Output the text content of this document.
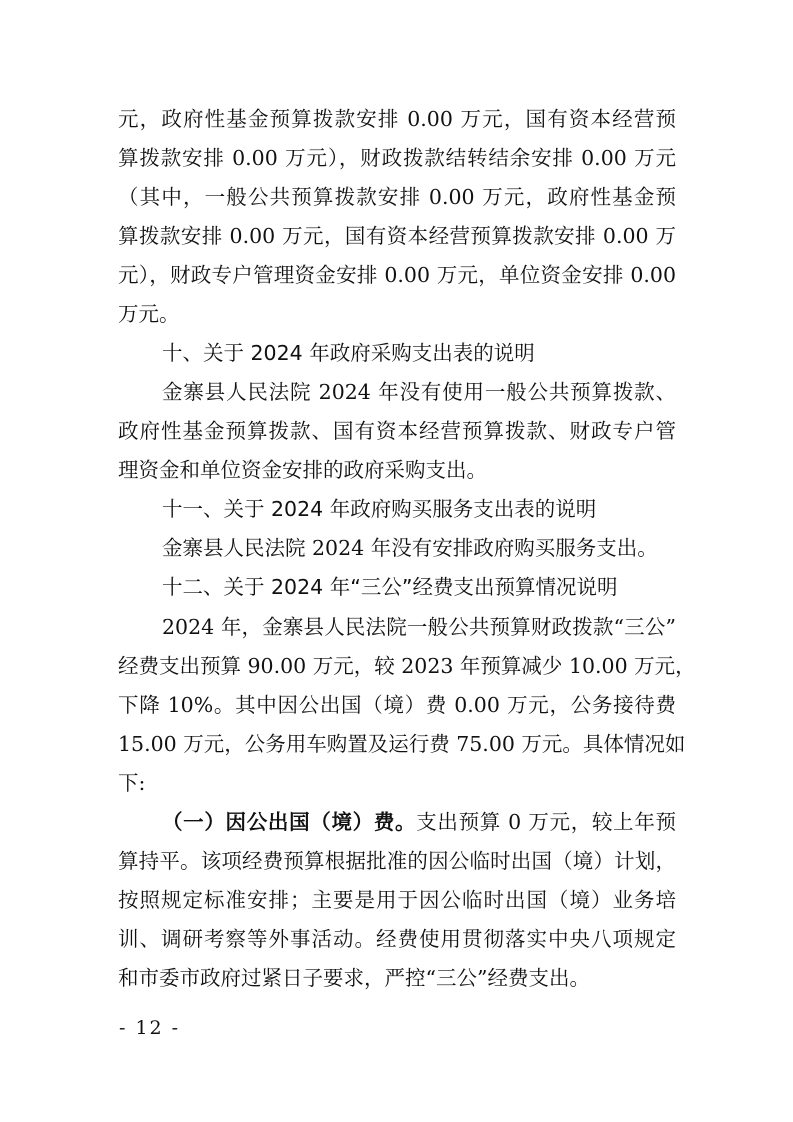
元，政府性基金预算拨款安排 0.00 万元，国有资本经营预
算拨款安排 0.00 万元），财政拨款结转结余安排 0.00 万元
（其中，一般公共预算拨款安排 0.00 万元，政府性基金预
算拨款安排 0.00 万元，国有资本经营预算拨款安排 0.00 万
元），财政专户管理资金安排 0.00 万元，单位资金安排 0.00
万元。
十、关于 2024 年政府采购支出表的说明
金寨县人民法院 2024 年没有使用一般公共预算拨款、
政府性基金预算拨款、国有资本经营预算拨款、财政专户管
理资金和单位资金安排的政府采购支出。
十一、关于 2024 年政府购买服务支出表的说明
金寨县人民法院 2024 年没有安排政府购买服务支出。
十二、关于 2024 年“三公”经费支出预算情况说明
2024 年，金寨县人民法院一般公共预算财政拨款“三公”
经费支出预算 90.00 万元，较 2023 年预算减少 10.00 万元，
下降 10%。其中因公出国（境）费 0.00 万元，公务接待费
15.00 万元，公务用车购置及运行费 75.00 万元。具体情况如
下:
（一）因公出国（境）费。支出预算 0 万元，较上年预
算持平。该项经费预算根据批准的因公临时出国（境）计划，
按照规定标准安排；主要是用于因公临时出国（境）业务培
训、调研考察等外事活动。经费使用贯彻落实中央八项规定
和市委市政府过紧日子要求，严控“三公”经费支出。
- 12 -
